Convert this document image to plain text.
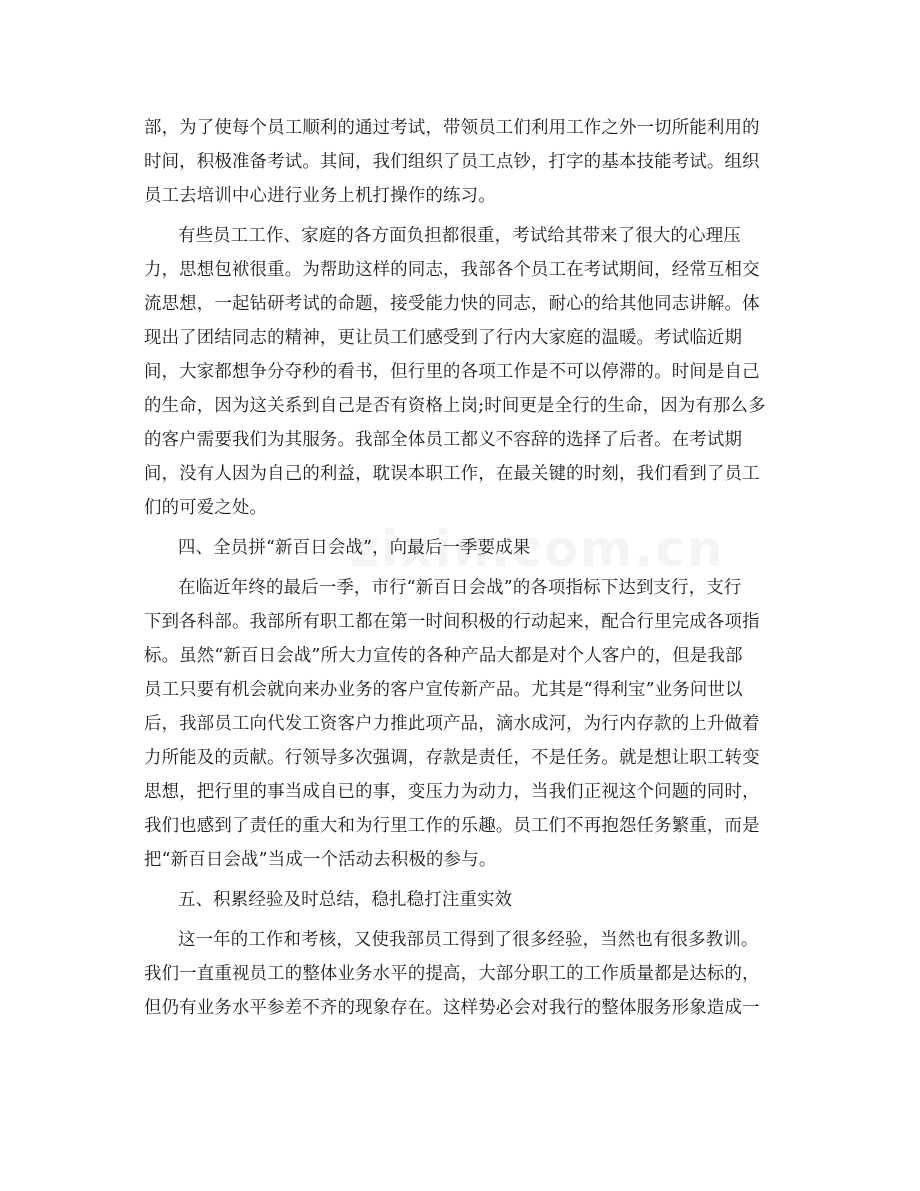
部，为了使每个员工顺利的通过考试，带领员工们利用工作之外一切所能利用的
时间，积极准备考试。其间，我们组织了员工点钞，打字的基本技能考试。组织
员工去培训中心进行业务上机打操作的练习。
有些员工工作、家庭的各方面负担都很重，考试给其带来了很大的心理压
力，思想包袱很重。为帮助这样的同志，我部各个员工在考试期间，经常互相交
流思想，一起钻研考试的命题，接受能力快的同志，耐心的给其他同志讲解。体
现出了团结同志的精神，更让员工们感受到了行内大家庭的温暖。考试临近期
间，大家都想争分夺秒的看书，但行里的各项工作是不可以停滞的。时间是自己
的生命，因为这关系到自己是否有资格上岗;时间更是全行的生命，因为有那么多
的客户需要我们为其服务。我部全体员工都义不容辞的选择了后者。在考试期
间，没有人因为自己的利益，耽误本职工作，在最关键的时刻，我们看到了员工
们的可爱之处。
四、全员拼“新百日会战”，向最后一季要成果
在临近年终的最后一季，市行“新百日会战”的各项指标下达到支行，支行
下到各科部。我部所有职工都在第一时间积极的行动起来，配合行里完成各项指
标。虽然“新百日会战”所大力宣传的各种产品大都是对个人客户的，但是我部
员工只要有机会就向来办业务的客户宣传新产品。尤其是“得利宝”业务问世以
后，我部员工向代发工资客户力推此项产品，滴水成河，为行内存款的上升做着
力所能及的贡献。行领导多次强调，存款是责任，不是任务。就是想让职工转变
思想，把行里的事当成自已的事，变压力为动力，当我们正视这个问题的同时，
我们也感到了责任的重大和为行里工作的乐趣。员工们不再抱怨任务繁重，而是
把“新百日会战”当成一个活动去积极的参与。
五、积累经验及时总结，稳扎稳打注重实效
这一年的工作和考核，又使我部员工得到了很多经验，当然也有很多教训。
我们一直重视员工的整体业务水平的提高，大部分职工的工作质量都是达标的，
但仍有业务水平参差不齐的现象存在。这样势必会对我行的整体服务形象造成一
